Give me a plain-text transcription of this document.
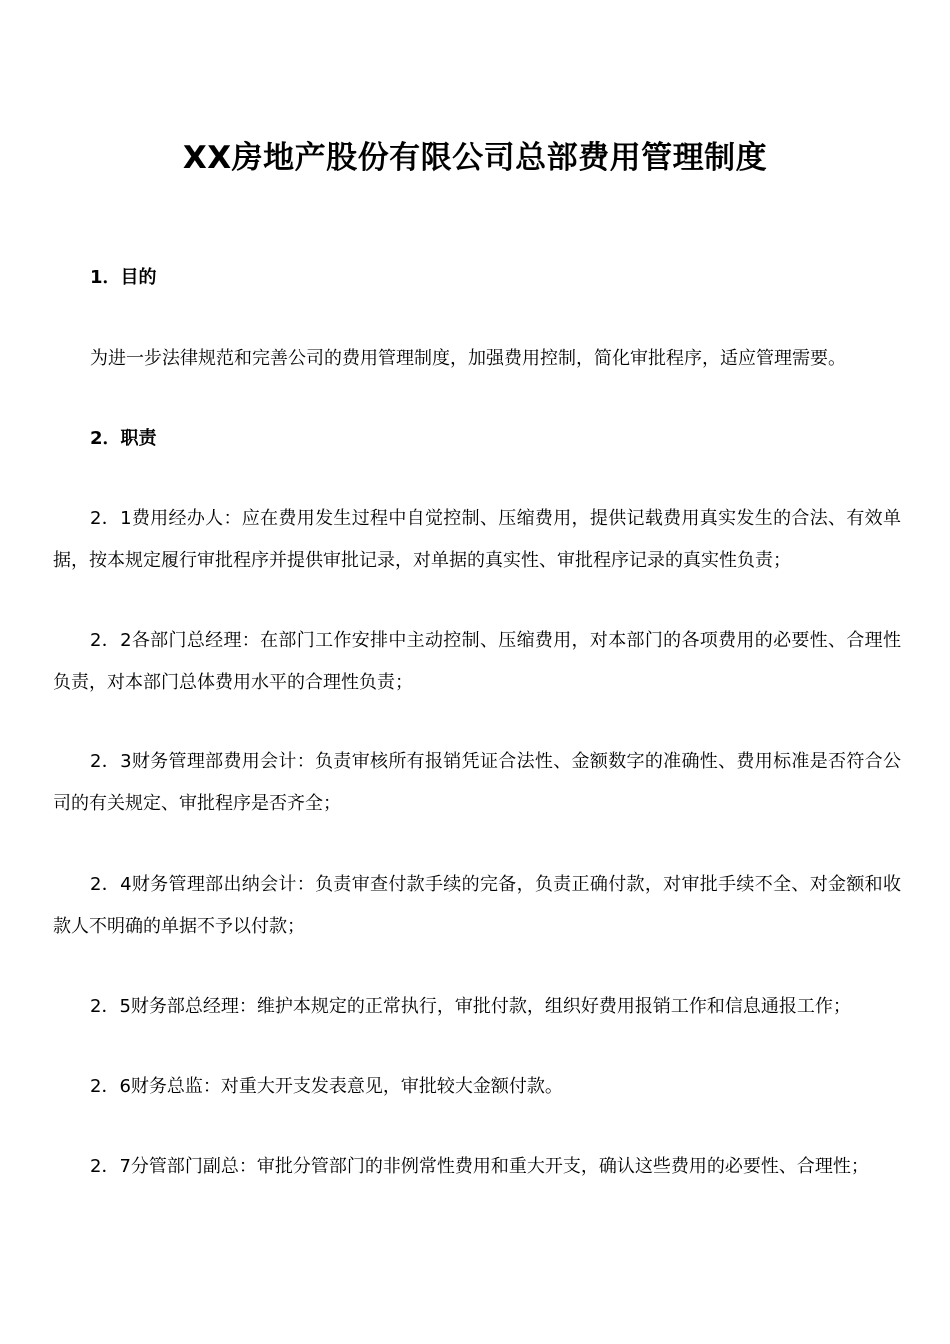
XX房地产股份有限公司总部费用管理制度
1．目的
为进一步法律规范和完善公司的费用管理制度，加强费用控制，简化审批程序，适应管理需要。
2．职责
2．1费用经办人：应在费用发生过程中自觉控制、压缩费用，提供记载费用真实发生的合法、有效单据，按本规定履行审批程序并提供审批记录，对单据的真实性、审批程序记录的真实性负责；
2．2各部门总经理：在部门工作安排中主动控制、压缩费用，对本部门的各项费用的必要性、合理性负责，对本部门总体费用水平的合理性负责；
2．3财务管理部费用会计：负责审核所有报销凭证合法性、金额数字的准确性、费用标准是否符合公司的有关规定、审批程序是否齐全；
2．4财务管理部出纳会计：负责审查付款手续的完备，负责正确付款，对审批手续不全、对金额和收款人不明确的单据不予以付款；
2．5财务部总经理：维护本规定的正常执行，审批付款，组织好费用报销工作和信息通报工作；
2．6财务总监：对重大开支发表意见，审批较大金额付款。
2．7分管部门副总：审批分管部门的非例常性费用和重大开支，确认这些费用的必要性、合理性；
